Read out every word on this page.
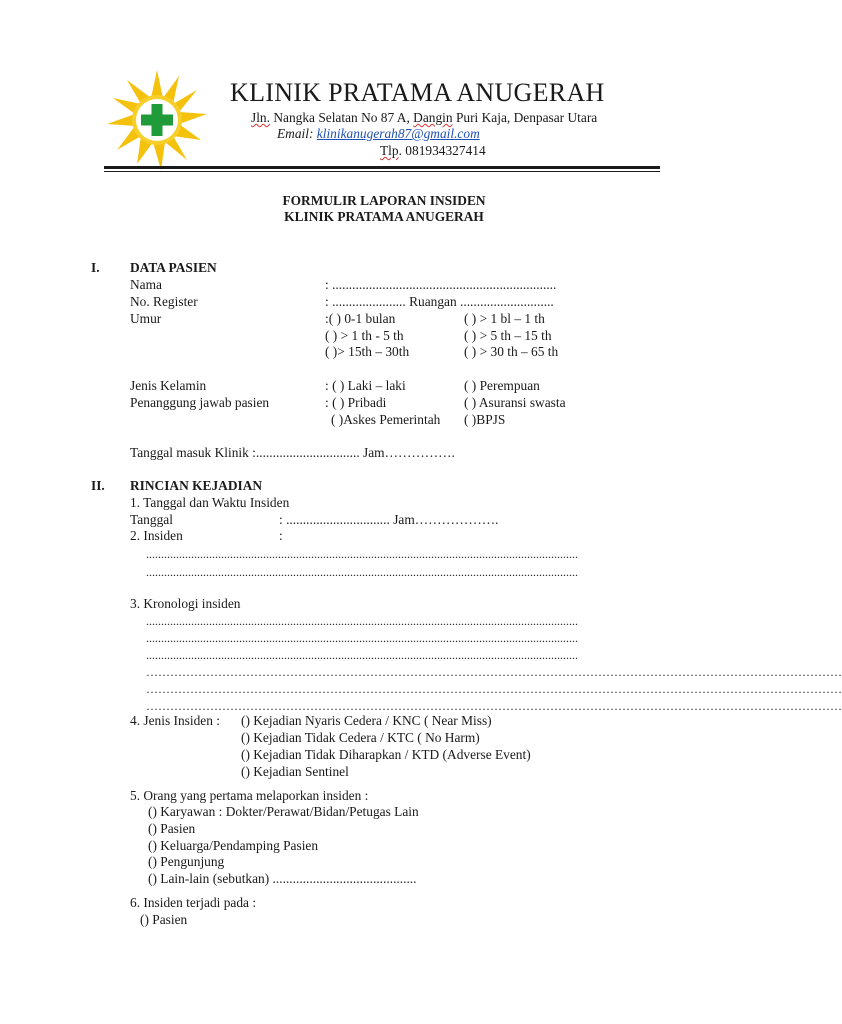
KLINIK PRATAMA ANUGERAH
Jln. Nangka Selatan No 87 A, Dangin Puri Kaja, Denpasar Utara
Email: klinikanugerah87@gmail.com
Tlp. 081934327414
FORMULIR LAPORAN INSIDEN
KLINIK PRATAMA ANUGERAH
I. DATA PASIEN
Nama	: ...................................................................
No. Register	: ...................... Ruangan ............................
Umur	:( ) 0-1 bulan	( ) > 1 bl – 1 th
( ) > 1 th - 5 th	( ) > 5 th – 15 th
( )> 15th – 30th	( ) > 30 th – 65 th
Jenis Kelamin	: ( ) Laki – laki	( ) Perempuan
Penanggung jawab pasien	: ( ) Pribadi	( ) Asuransi swasta
( )Askes Pemerintah ( )BPJS
Tanggal masuk Klinik :............................... Jam…………….
II. RINCIAN KEJADIAN
1. Tanggal dan Waktu Insiden
Tanggal	: ............................... Jam……………….
2. Insiden	:
................................................................................................................................................
................................................................................................................................................
3. Kronologi insiden
................................................................................................................................................
................................................................................................................................................
................................................................................................................................................
…………………………………………………………………………………………………………………………………………………………
…………………………………………………………………………………………………………………………………………………………
…………………………………………………………………………………………………………………………………………………………
4. Jenis Insiden : () Kejadian Nyaris Cedera / KNC ( Near Miss)
() Kejadian Tidak Cedera / KTC ( No Harm)
() Kejadian Tidak Diharapkan / KTD (Adverse Event)
() Kejadian Sentinel
5. Orang yang pertama melaporkan insiden :
() Karyawan : Dokter/Perawat/Bidan/Petugas Lain
() Pasien
() Keluarga/Pendamping Pasien
() Pengunjung
() Lain-lain (sebutkan) ...........................................
6. Insiden terjadi pada :
() Pasien
